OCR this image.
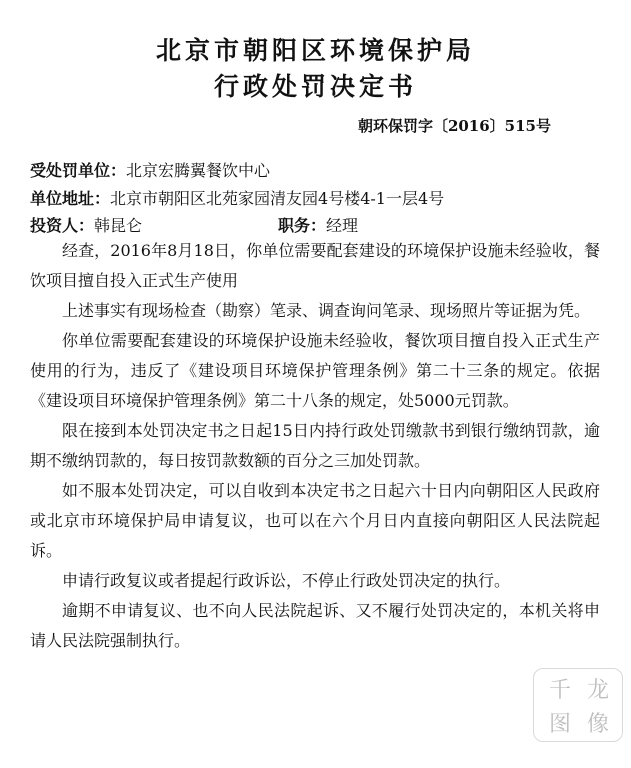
北京市朝阳区环境保护局
行政处罚决定书
朝环保罚字〔2016〕515号
受处罚单位：北京宏腾翼餐饮中心
单位地址：北京市朝阳区北苑家园清友园4号楼4-1一层4号
投资人：韩昆仑	职务：经理

经查，2016年8月18日，你单位需要配套建设的环境保护设施未经验收，餐饮项目擅自投入正式生产使用

上述事实有现场检查（勘察）笔录、调查询问笔录、现场照片等证据为凭。

你单位需要配套建设的环境保护设施未经验收，餐饮项目擅自投入正式生产使用的行为，违反了《建设项目环境保护管理条例》第二十三条的规定。依据《建设项目环境保护管理条例》第二十八条的规定，处5000元罚款。

限在接到本处罚决定书之日起15日内持行政处罚缴款书到银行缴纳罚款，逾期不缴纳罚款的，每日按罚款数额的百分之三加处罚款。

如不服本处罚决定，可以自收到本决定书之日起六十日内向朝阳区人民政府或北京市环境保护局申请复议，也可以在六个月日内直接向朝阳区人民法院起诉。

申请行政复议或者提起行政诉讼，不停止行政处罚决定的执行。

逾期不申请复议、也不向人民法院起诉、又不履行处罚决定的，本机关将申请人民法院强制执行。

千 龙
图 像
